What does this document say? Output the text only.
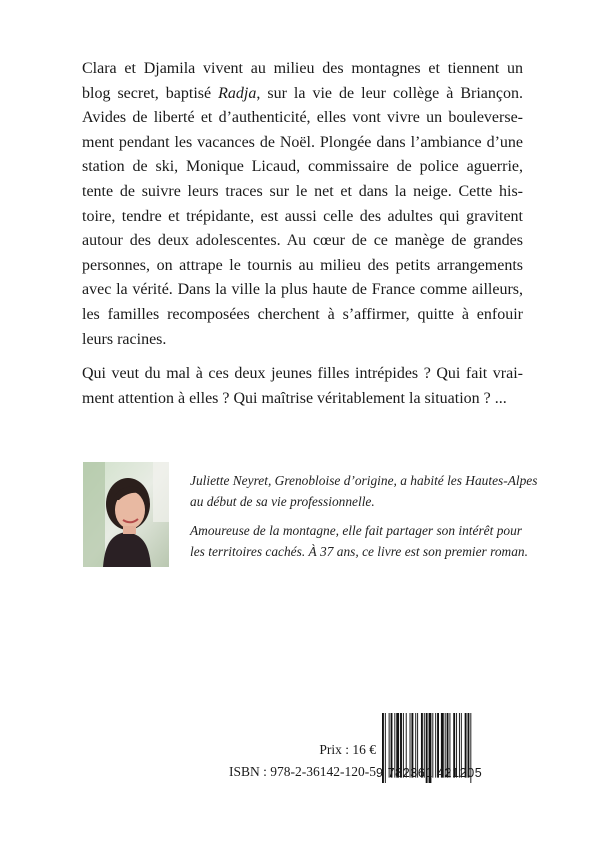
Clara et Djamila vivent au milieu des montagnes et tiennent un
blog secret, baptisé Radja, sur la vie de leur collège à Briançon.
Avides de liberté et d’authenticité, elles vont vivre un bouleverse-
ment pendant les vacances de Noël. Plongée dans l’ambiance d’une
station de ski, Monique Licaud, commissaire de police aguerrie,
tente de suivre leurs traces sur le net et dans la neige. Cette his-
toire, tendre et trépidante, est aussi celle des adultes qui gravitent
autour des deux adolescentes. Au cœur de ce manège de grandes
personnes, on attrape le tournis au milieu des petits arrangements
avec la vérité. Dans la ville la plus haute de France comme ailleurs,
les familles recomposées cherchent à s’affirmer, quitte à enfouir
leurs racines.

Qui veut du mal à ces deux jeunes filles intrépides ? Qui fait vrai-
ment attention à elles ? Qui maîtrise véritablement la situation ? ...

Juliette Neyret, Grenobloise d’origine, a habité les Hautes-Alpes
au début de sa vie professionnelle.

Amoureuse de la montagne, elle fait partager son intérêt pour
les territoires cachés. À 37 ans, ce livre est son premier roman.

Prix : 16 €
ISBN : 978-2-36142-120-5 9 782361 421205
